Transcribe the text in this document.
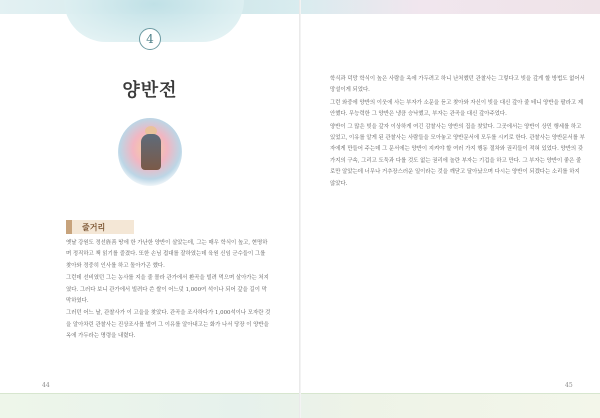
4
양반전
줄거리

옛날 강원도 정선旌善 땅에 한 가난한 양반이 살았는데, 그는 매우 학식이 높고, 현명하며 정직하고 책 읽기를 즐겼다. 또한 손님 접대를 잘하였는데 육원 신임 군수들이 그를 찾아와 정중히 인사를 하고 돌아가곤 했다.

그런데 선비였던 그는 농사를 지을 줄 몰라 관가에서 환곡을 빌려 먹으며 살아가는 처지였다. 그러다 보니 관가에서 빌려다 쓴 쌀이 어느덧 1,000여 석이나 되어 갚을 길이 막막하였다.

그러던 어느 날, 관찰사가 이 고을을 찾았다. 관곡을 조사하다가 1,000석이나 모자란 것을 알아차린 관찰사는 진상조사를 벌여 그 이유를 알아내고는 화가 나서 당장 이 양반을 옥에 가두라는 명령을 내렸다.

44

학식과 덕망 학식이 높은 사람을 옥에 가두려고 하니 난처했던 관찰사는 그렇다고 빚을 갚게 할 방법도 없어서 망설이게 되었다.

그런 와중에 양반의 이웃에 사는 부자가 소문을 듣고 찾아와 자신이 빚을 대신 갚아 줄 테니 양반을 팔라고 제안했다. 무능력한 그 양반은 냉큼 승낙했고, 부자는 관곡을 대신 갚아주었다.

양반이 그 많은 빚을 갚자 이상하게 여긴 감찰사는 양반의 집을 찾았다. 그곳에서는 양반이 상민 행세를 하고 있었고, 이유를 알게 된 관찰사는 사람들을 모아놓고 양반문서에 모두를 시키로 한다. 관찰사는 양반문서를 부자에게 만들어 주는데 그 문서에는 양반이 지켜야 할 여러 가지 행동 절차와 권리들이 적혀 있었다. 양반의 갖가지의 구속, 그리고 도둑과 다를 것도 없는 권리에 놀란 부자는 기겁을 하고 만다. 그 부자는 양반이 좋은 줄로만 알았는데 너무나 거추장스러운 일이라는 것을 깨닫고 달아났으며 다시는 양반이 되겠다는 소리를 하지 않았다.

45
